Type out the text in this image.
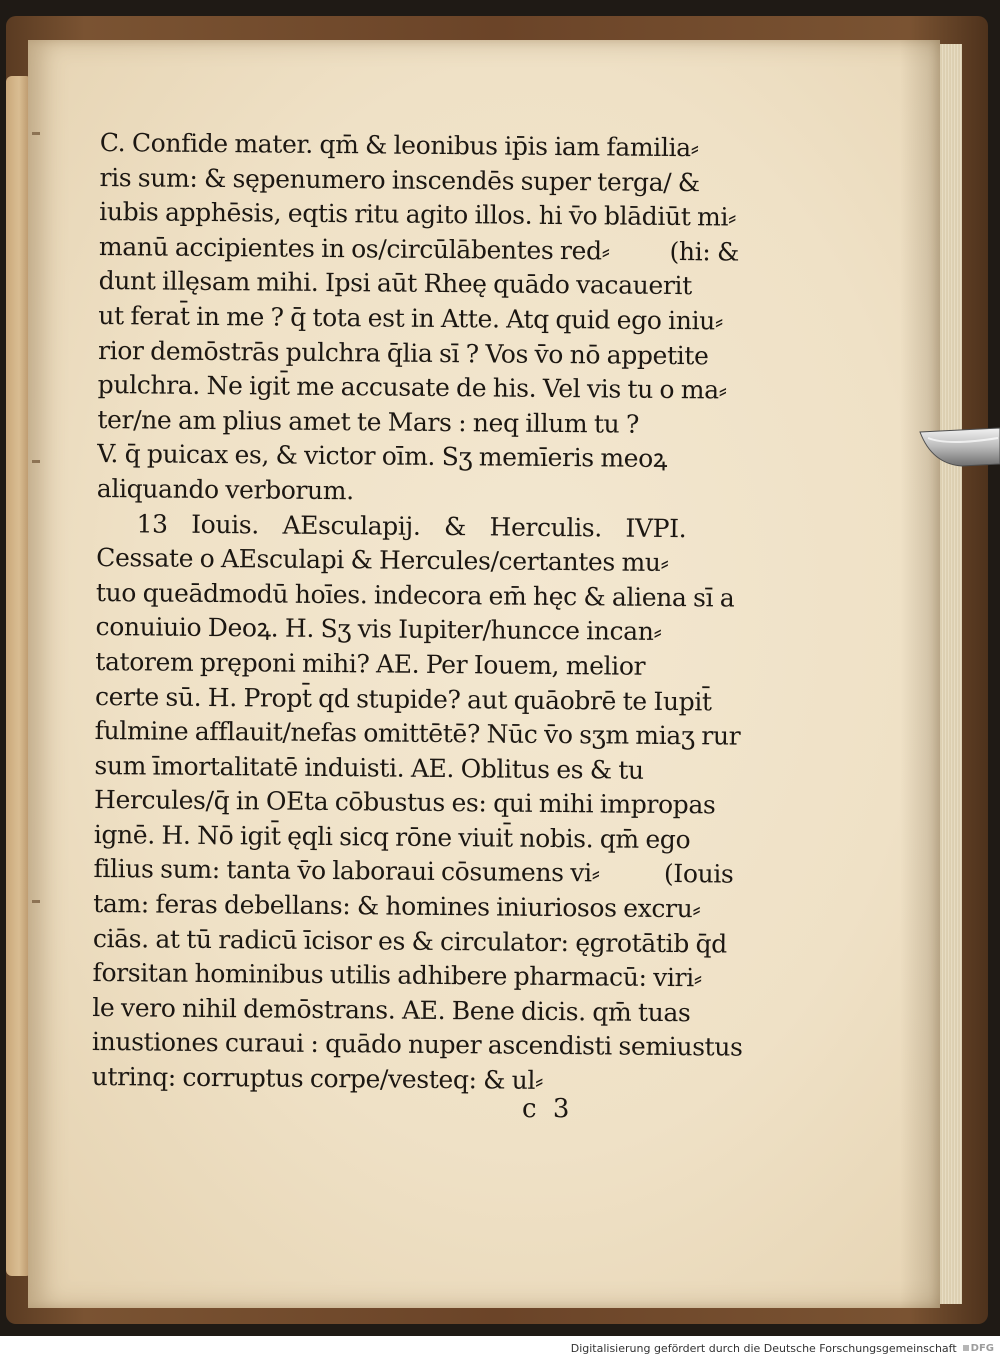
C. Confide mater. qm̄ & leonibus ip̄is iam familia⸗
ris sum: & sępenumero inscendēs super terga/ &
iubis apphēsis, eqtis ritu agito illos. hi v̄o blādiūt mi⸗
manū accipientes in os/circūlābentes red⸗ (hi: &
dunt illęsam mihi. Ipsi aūt Rheę quādo vacauerit
ut ferat̄ in me ? q̄ tota est in Atte. Atq quid ego iniu⸗
rior demōstrās pulchra q̄lia sī ? Vos v̄o nō appetite
pulchra. Ne igit̄ me accusate de his. Vel vis tu o ma⸗
ter/ne am plius amet te Mars : neq illum tu ?
V. q̄ puicax es, & victor oīm. Sʒ memīeris meoꝝ
aliquando verborum.
13 Iouis. AEsculapij. & Herculis. IVPI.
Cessate o AEsculapi & Hercules/certantes mu⸗
tuo queādmodū hoīes. indecora em̄ hęc & aliena sī a
conuiuio Deoꝝ. H. Sʒ vis Iupiter/huncce incan⸗
tatorem pręponi mihi? AE. Per Iouem, melior
certe sū. H. Propt̄ qd stupide? aut quāobrē te Iupit̄
fulmine afflauit/nefas omittētē? Nūc v̄o sʒm miaʒ rur
sum īmortalitatē induisti. AE. Oblitus es & tu
Hercules/q̄ in OEta cōbustus es: qui mihi impropas
ignē. H. Nō igit̄ ęqli sicq rōne viuit̄ nobis. qm̄ ego
filius sum: tanta v̄o laboraui cōsumens vi⸗	(Iouis
tam: feras debellans: & homines iniuriosos excru⸗
ciās. at tū radicū īcisor es & circulator: ęgrotātib q̄d
forsitan hominibus utilis adhibere pharmacū: viri⸗
le vero nihil demōstrans. AE. Bene dicis. qm̄ tuas
inustiones curaui : quādo nuper ascendisti semiustus
utrinq: corruptus corpe/vesteq: & ul⸗
c 3
Digitalisierung gefördert durch die Deutsche Forschungsgemeinschaft	DFG
